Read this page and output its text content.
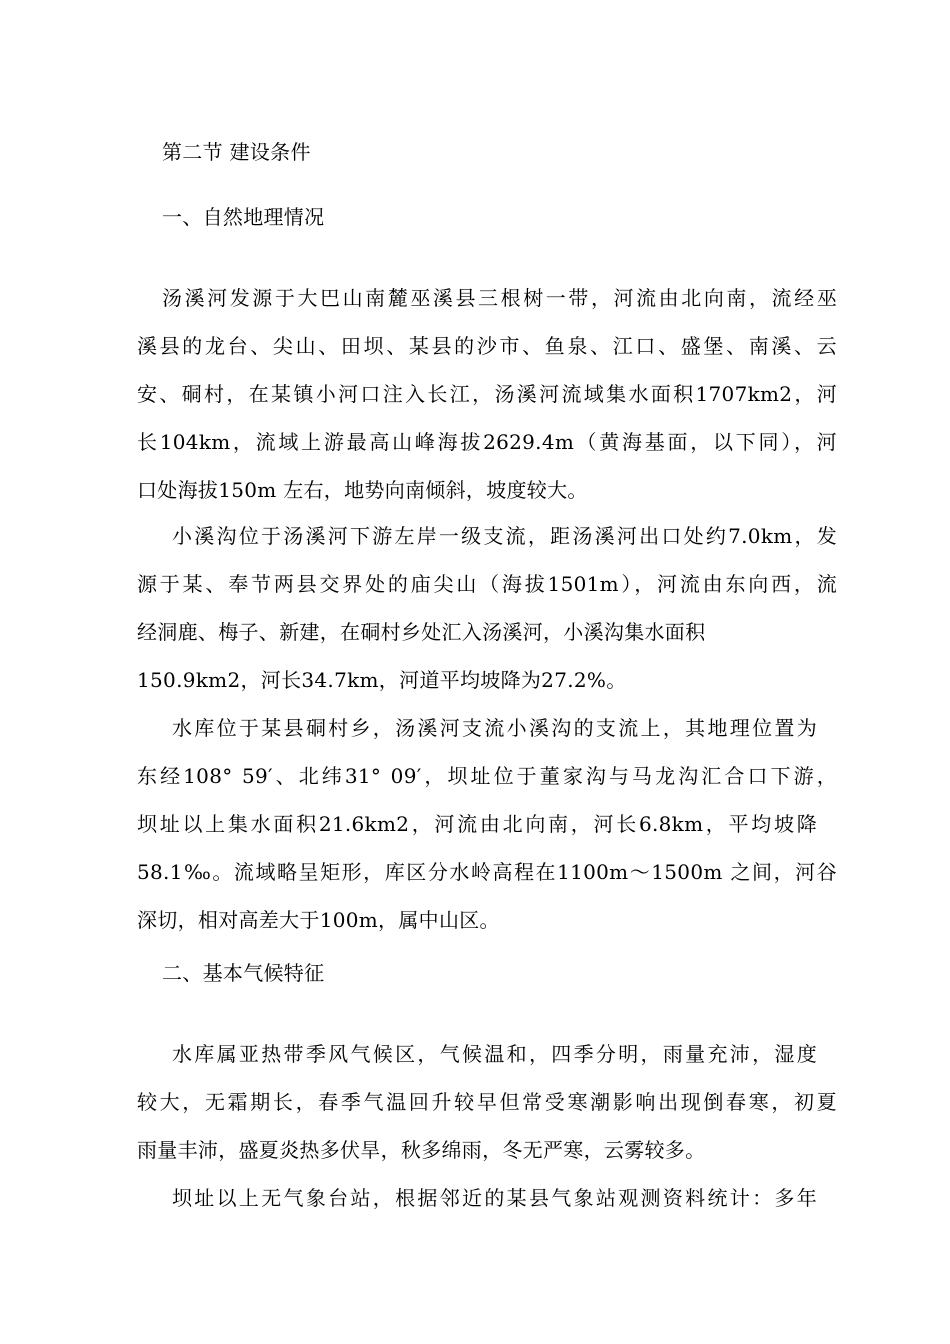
第二节 建设条件
一、自然地理情况
汤溪河发源于大巴山南麓巫溪县三根树一带，河流由北向南，流经巫
溪县的龙台、尖山、田坝、某县的沙市、鱼泉、江口、盛堡、南溪、云
安、硐村，在某镇小河口注入长江，汤溪河流域集水面积1707km2，河
长104km，流域上游最高山峰海拔2629.4m（黄海基面，以下同），河
口处海拔150m 左右，地势向南倾斜，坡度较大。
小溪沟位于汤溪河下游左岸一级支流，距汤溪河出口处约7.0km，发
源于某、奉节两县交界处的庙尖山（海拔1501m），河流由东向西，流
经洞鹿、梅子、新建，在硐村乡处汇入汤溪河，小溪沟集水面积
150.9km2，河长34.7km，河道平均坡降为27.2%。
水库位于某县硐村乡，汤溪河支流小溪沟的支流上，其地理位置为
东经108° 59′、北纬31° 09′，坝址位于董家沟与马龙沟汇合口下游，
坝址以上集水面积21.6km2，河流由北向南，河长6.8km，平均坡降
58.1‰。流域略呈矩形，库区分水岭高程在1100m～1500m 之间，河谷
深切，相对高差大于100m，属中山区。
二、基本气候特征
水库属亚热带季风气候区，气候温和，四季分明，雨量充沛，湿度
较大，无霜期长，春季气温回升较早但常受寒潮影响出现倒春寒，初夏
雨量丰沛，盛夏炎热多伏旱，秋多绵雨，冬无严寒，云雾较多。
坝址以上无气象台站，根据邻近的某县气象站观测资料统计：多年
